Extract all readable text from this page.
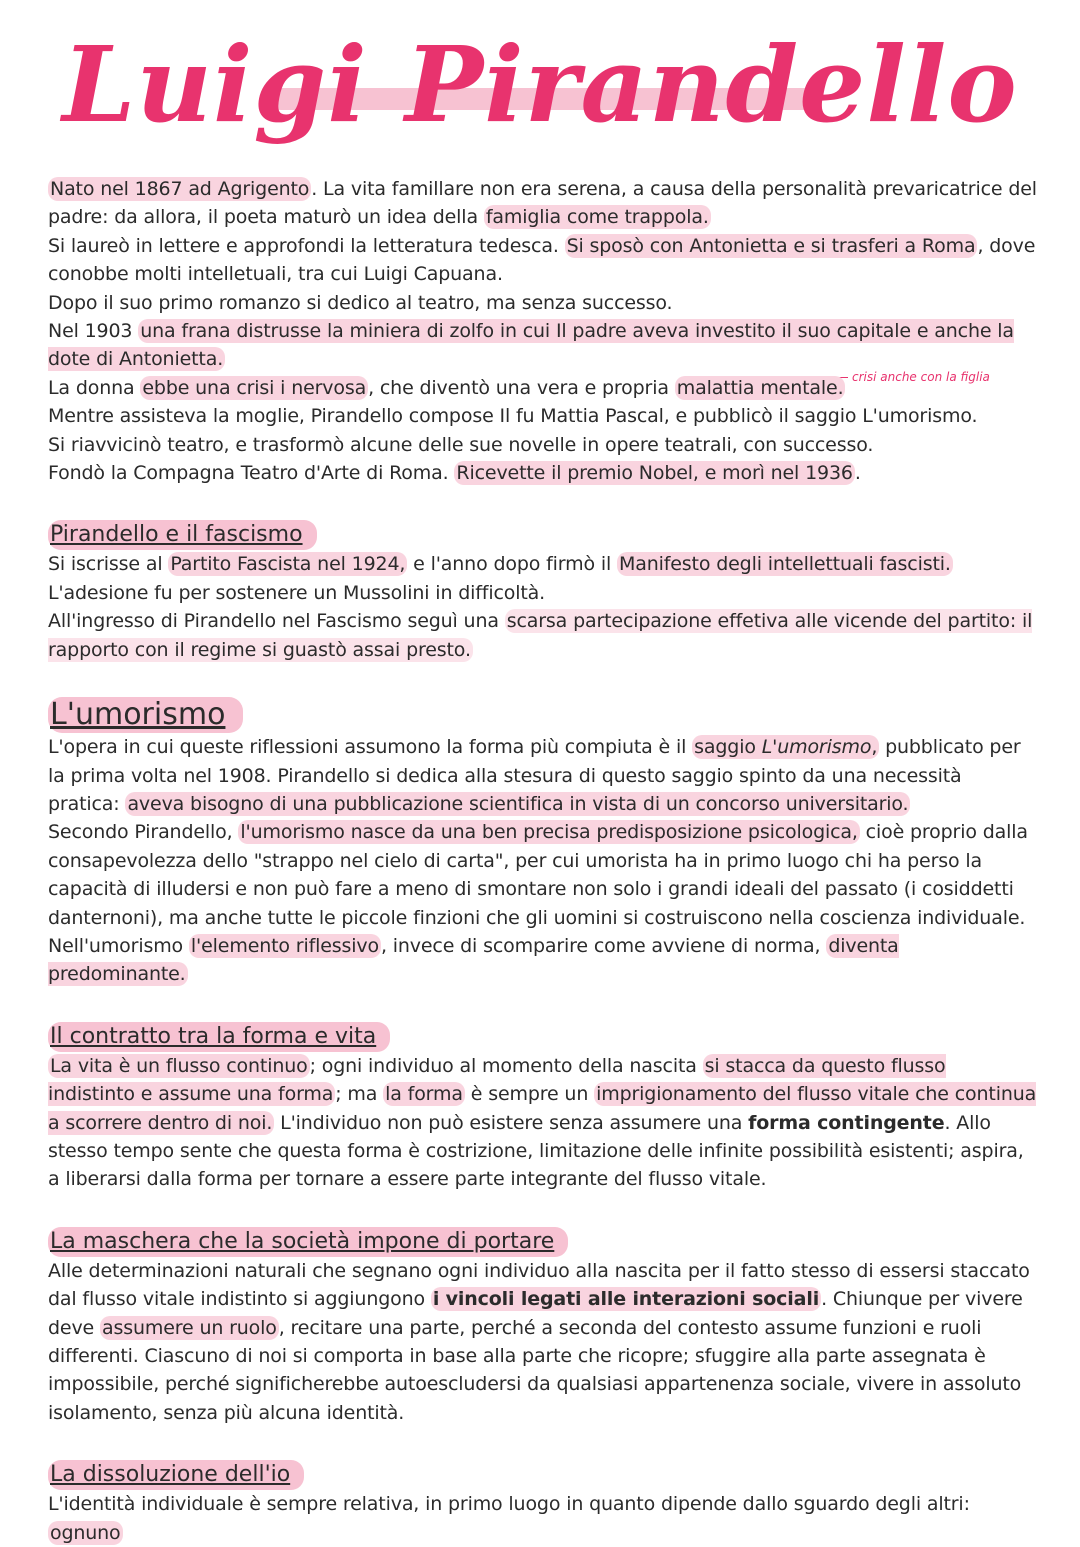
Luigi Pirandello
crisi anche con la figlia

Nato nel 1867 ad Agrigento . La vita famillare non era serena, a causa della personalità prevaricatrice del padre: da allora, il poeta maturò un idea della famiglia come trappola.
Si laureò in lettere e approfondi la letteratura tedesca. Si sposò con Antonietta e si trasferi a Roma , dove conobbe molti intelletuali, tra cui Luigi Capuana.
Dopo il suo primo romanzo si dedico al teatro, ma senza successo.
Nel 1903 una frana distrusse la miniera di zolfo in cui Il padre aveva investito il suo capitale e anche la dote di Antonietta.
La donna ebbe una crisi i nervosa , che diventò una vera e propria malattia mentale.
Mentre assisteva la moglie, Pirandello compose Il fu Mattia Pascal, e pubblicò il saggio L'umorismo.
Si riavvicinò teatro, e trasformò alcune delle sue novelle in opere teatrali, con successo.
Fondò la Compagna Teatro d'Arte di Roma. Ricevette il premio Nobel, e morì nel 1936 .

Pirandello e il fascismo

Si iscrisse al Partito Fascista nel 1924, e l'anno dopo firmò il Manifesto degli intellettuali fascisti.
L'adesione fu per sostenere un Mussolini in difficoltà.
All'ingresso di Pirandello nel Fascismo seguì una scarsa partecipazione effetiva alle vicende del partito: il rapporto con il regime si guastò assai presto.

L'umorismo

L'opera in cui queste riflessioni assumono la forma più compiuta è il saggio L'umorismo, pubblicato per la prima volta nel 1908. Pirandello si dedica alla stesura di questo saggio spinto da una necessità pratica: aveva bisogno di una pubblicazione scientifica in vista di un concorso universitario.
Secondo Pirandello, l'umorismo nasce da una ben precisa predisposizione psicologica, cioè proprio dalla consapevolezza dello "strappo nel cielo di carta", per cui umorista ha in primo luogo chi ha perso la capacità di illudersi e non può fare a meno di smontare non solo i grandi ideali del passato (i cosiddetti danternoni), ma anche tutte le piccole finzioni che gli uomini si costruiscono nella coscienza individuale.
Nell'umorismo l'elemento riflessivo , invece di scomparire come avviene di norma, diventa predominante.

Il contratto tra la forma e vita

La vita è un flusso continuo ; ogni individuo al momento della nascita si stacca da questo flusso indistinto e assume una forma ; ma la forma è sempre un imprigionamento del flusso vitale che continua a scorrere dentro di noi. L'individuo non può esistere senza assumere una forma contingente. Allo stesso tempo sente che questa forma è costrizione, limitazione delle infinite possibilità esistenti; aspira, a liberarsi dalla forma per tornare a essere parte integrante del flusso vitale.

La maschera che la società impone di portare

Alle determinazioni naturali che segnano ogni individuo alla nascita per il fatto stesso di essersi staccato dal flusso vitale indistinto si aggiungono i vincoli legati alle interazioni sociali . Chiunque per vivere deve assumere un ruolo , recitare una parte, perché a seconda del contesto assume funzioni e ruoli differenti. Ciascuno di noi si comporta in base alla parte che ricopre; sfuggire alla parte assegnata è impossibile, perché significherebbe autoescludersi da qualsiasi appartenenza sociale, vivere in assoluto isolamento, senza più alcuna identità.

La dissoluzione dell'io

L'identità individuale è sempre relativa, in primo luogo in quanto dipende dallo sguardo degli altri: ognuno
